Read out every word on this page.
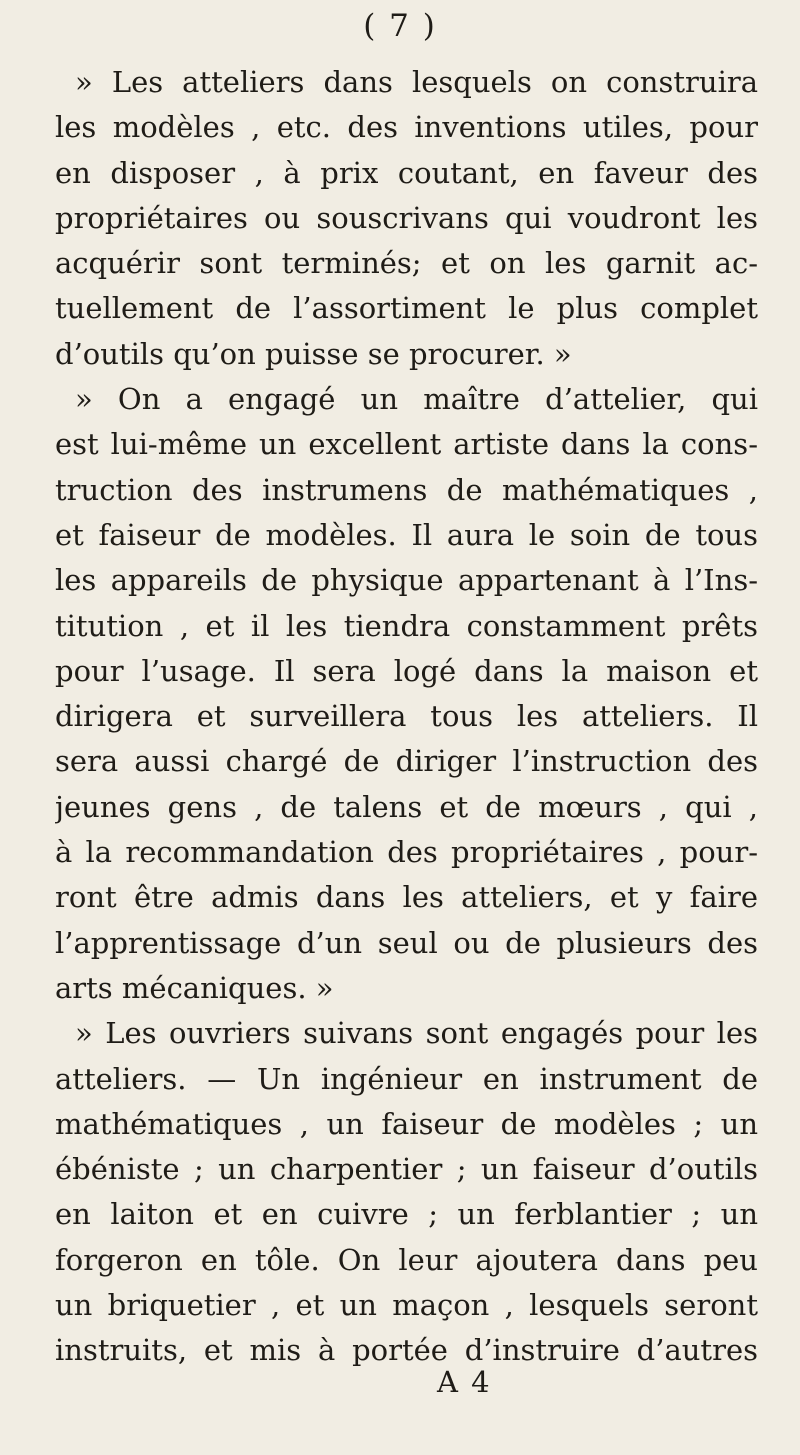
( 7 )
» Les atteliers dans lesquels on construira
les modèles , etc. des inventions utiles, pour
en disposer , à prix coutant, en faveur des
propriétaires ou souscrivans qui voudront les
acquérir sont terminés; et on les garnit ac-
tuellement de l’assortiment le plus complet
d’outils qu’on puisse se procurer. »
» On a engagé un maître d’attelier, qui
est lui-même un excellent artiste dans la cons-
truction des instrumens de mathématiques ,
et faiseur de modèles. Il aura le soin de tous
les appareils de physique appartenant à l’Ins-
titution , et il les tiendra constamment prêts
pour l’usage. Il sera logé dans la maison et
dirigera et surveillera tous les atteliers. Il
sera aussi chargé de diriger l’instruction des
jeunes gens , de talens et de mœurs , qui ,
à la recommandation des propriétaires , pour-
ront être admis dans les atteliers, et y faire
l’apprentissage d’un seul ou de plusieurs des
arts mécaniques. »
» Les ouvriers suivans sont engagés pour les
atteliers. — Un ingénieur en instrument de
mathématiques , un faiseur de modèles ; un
ébéniste ; un charpentier ; un faiseur d’outils
en laiton et en cuivre ; un ferblantier ; un
forgeron en tôle. On leur ajoutera dans peu
un briquetier , et un maçon , lesquels seront
instruits, et mis à portée d’instruire d’autres
A 4
